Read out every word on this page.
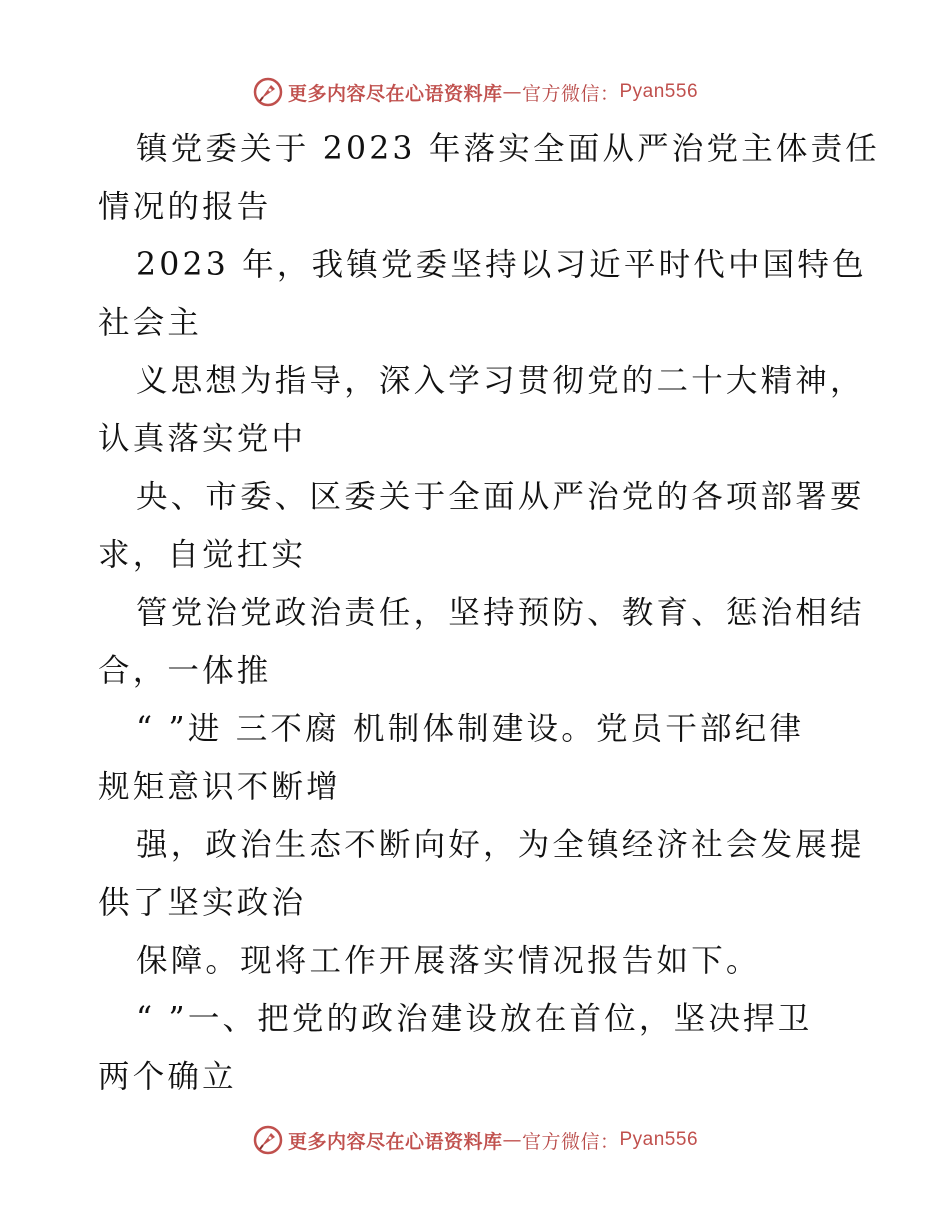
更多内容尽在心语资料库 — 官方微信： Pyan556
镇党委关于 2023 年落实全面从严治党主体责任
情况的报告
2023 年，我镇党委坚持以习近平时代中国特色
社会主
义思想为指导，深入学习贯彻党的二十大精神，
认真落实党中
央、市委、区委关于全面从严治党的各项部署要
求，自觉扛实
管党治党政治责任，坚持预防、教育、惩治相结
合，一体推
“ ”进 三不腐 机制体制建设。党员干部纪律
规矩意识不断增
强，政治生态不断向好，为全镇经济社会发展提
供了坚实政治
保障。现将工作开展落实情况报告如下。
“ ”一、把党的政治建设放在首位，坚决捍卫
两个确立
更多内容尽在心语资料库 — 官方微信： Pyan556
